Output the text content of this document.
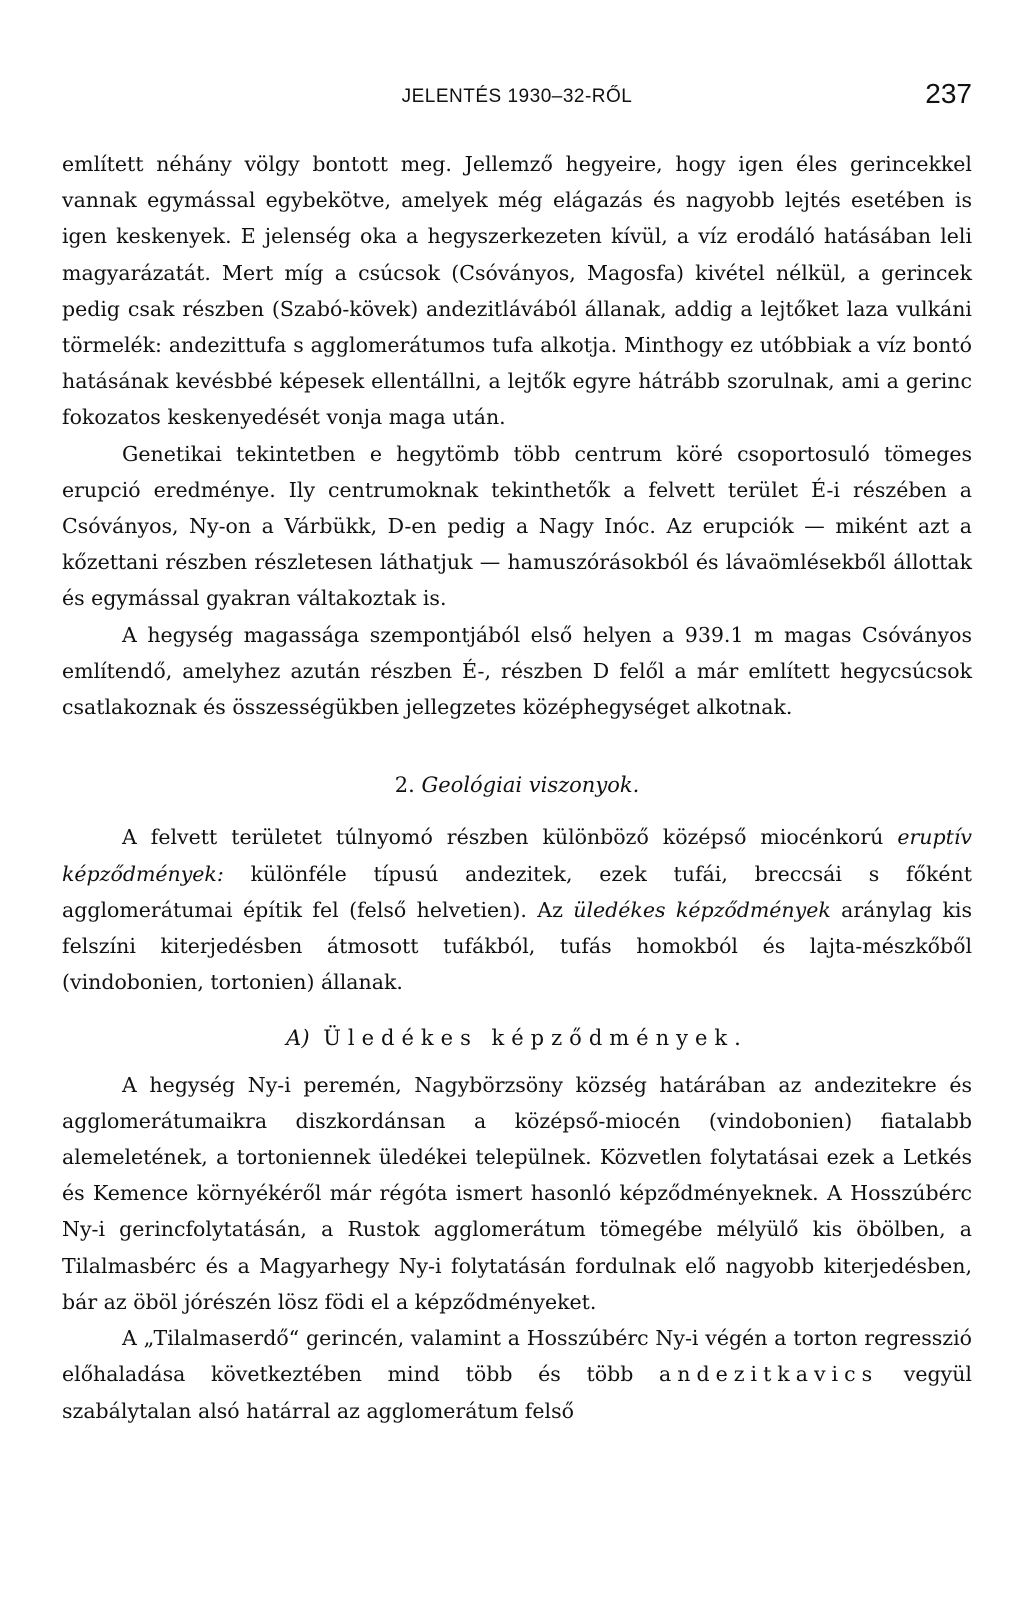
JELENTÉS 1930–32-RŐL	237

említett néhány völgy bontott meg. Jellemző hegyeire, hogy igen éles gerincekkel vannak egymással egybekötve, amelyek még elágazás és nagyobb lejtés esetében is igen keskenyek. E jelenség oka a hegyszerkezeten kívül, a víz erodáló hatásában leli magyarázatát. Mert míg a csúcsok (Csóványos, Magosfa) kivétel nélkül, a gerincek pedig csak részben (Szabó-kövek) andezitlávából állanak, addig a lejtőket laza vulkáni törmelék: andezittufa s agglomerátumos tufa alkotja. Minthogy ez utóbbiak a víz bontó hatásának kevésbbé képesek ellentállni, a lejtők egyre hátrább szorulnak, ami a gerinc fokozatos keskenyedését vonja maga után.

Genetikai tekintetben e hegytömb több centrum köré csoportosuló tömeges erupció eredménye. Ily centrumoknak tekinthetők a felvett terület É-i részében a Csóványos, Ny-on a Várbükk, D-en pedig a Nagy Inóc. Az erupciók — miként azt a kőzettani részben részletesen láthatjuk — hamuszórásokból és lávaömlésekből állottak és egymással gyakran váltakoztak is.

A hegység magassága szempontjából első helyen a 939.1 m magas Csóványos említendő, amelyhez azután részben É-, részben D felől a már említett hegycsúcsok csatlakoznak és összességükben jellegzetes középhegységet alkotnak.

2. Geológiai viszonyok.

A felvett területet túlnyomó részben különböző középső miocénkorú eruptív képződmények: különféle típusú andezitek, ezek tufái, breccsái s főként agglomerátumai építik fel (felső helvetien). Az üledékes képződmények aránylag kis felszíni kiterjedésben átmosott tufákból, tufás homokból és lajta-mészkőből (vindobonien, tortonien) állanak.

A) Üledékes képződmények.

A hegység Ny-i peremén, Nagybörzsöny község határában az andezitekre és agglomerátumaikra diszkordánsan a középső-miocén (vindobonien) fiatalabb alemeletének, a tortoniennek üledékei települnek. Közvetlen folytatásai ezek a Letkés és Kemence környékéről már régóta ismert hasonló képződményeknek. A Hosszúbérc Ny-i gerincfolytatásán, a Rustok agglomerátum tömegébe mélyülő kis öbölben, a Tilalmasbérc és a Magyarhegy Ny-i folytatásán fordulnak elő nagyobb kiterjedésben, bár az öböl jórészén lösz födi el a képződményeket.

A „Tilalmaserdő“ gerincén, valamint a Hosszúbérc Ny-i végén a torton regresszió előhaladása következtében mind több és több andezitkavics vegyül szabálytalan alsó határral az agglomerátum felső
